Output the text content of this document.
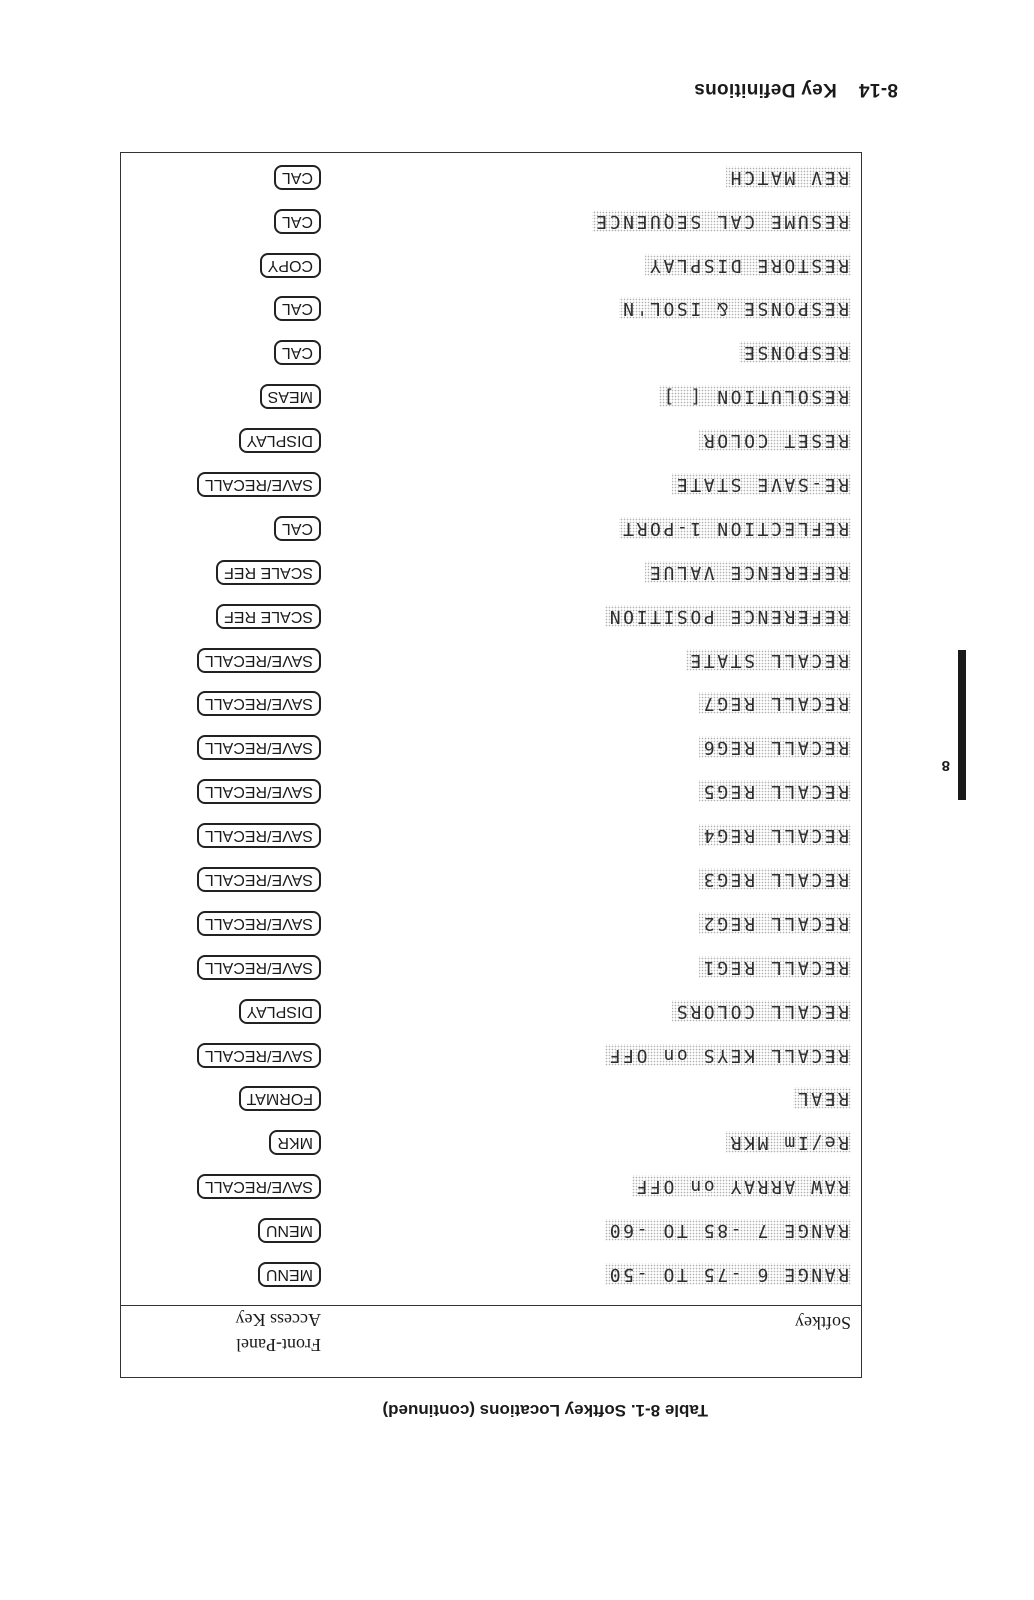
8-14Key Definitions
8
Softkey
Front-Panel
Access Key
RANGE 6 -75 TO -50
MENU
RANGE 7 -85 TO -60
MENU
RAW ARRAY on OFF
SAVE/RECALL
Re/Im MKR
MKR
REAL
FORMAT
RECALL KEYS on OFF
SAVE/RECALL
RECALL COLORS
DISPLAY
RECALL REG1
SAVE/RECALL
RECALL REG2
SAVE/RECALL
RECALL REG3
SAVE/RECALL
RECALL REG4
SAVE/RECALL
RECALL REG5
SAVE/RECALL
RECALL REG6
SAVE/RECALL
RECALL REG7
SAVE/RECALL
RECALL STATE
SAVE/RECALL
REFERENCE POSITION
SCALE REF
REFERENCE VALUE
SCALE REF
REFLECTION 1-PORT
CAL
RE-SAVE STATE
SAVE/RECALL
RESET COLOR
DISPLAY
RESOLUTION [ ]
MEAS
RESPONSE
CAL
RESPONSE & ISOL'N
CAL
RESTORE DISPLAY
COPY
RESUME CAL SEQUENCE
CAL
REV MATCH
CAL
Table 8-1. Softkey Locations (continued)
